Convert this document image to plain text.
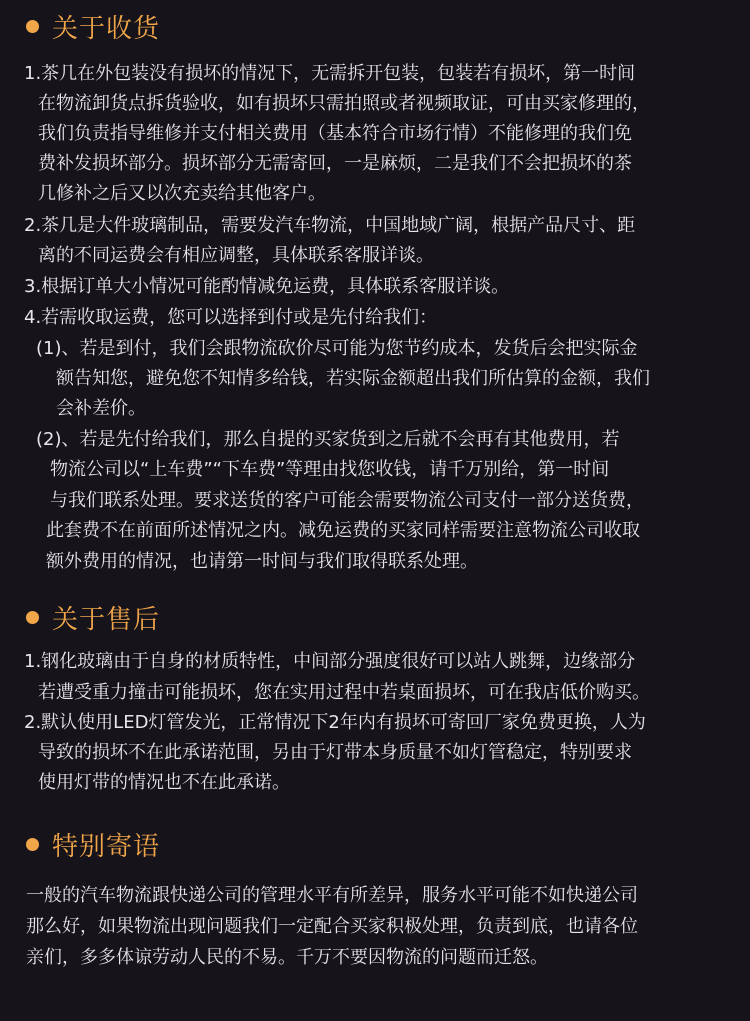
关于收货
1.茶几在外包装没有损坏的情况下，无需拆开包装，包装若有损坏，第一时间
在物流卸货点拆货验收，如有损坏只需拍照或者视频取证，可由买家修理的，
我们负责指导维修并支付相关费用（基本符合市场行情）不能修理的我们免
费补发损坏部分。损坏部分无需寄回，一是麻烦，二是我们不会把损坏的茶
几修补之后又以次充卖给其他客户。
2.茶几是大件玻璃制品，需要发汽车物流，中国地域广阔，根据产品尺寸、距
离的不同运费会有相应调整，具体联系客服详谈。
3.根据订单大小情况可能酌情减免运费，具体联系客服详谈。
4.若需收取运费，您可以选择到付或是先付给我们：
(1)、若是到付，我们会跟物流砍价尽可能为您节约成本，发货后会把实际金
额告知您，避免您不知情多给钱，若实际金额超出我们所估算的金额，我们
会补差价。
(2)、若是先付给我们，那么自提的买家货到之后就不会再有其他费用，若
物流公司以“上车费”“下车费”等理由找您收钱，请千万别给，第一时间
与我们联系处理。要求送货的客户可能会需要物流公司支付一部分送货费，
此套费不在前面所述情况之内。减免运费的买家同样需要注意物流公司收取
额外费用的情况，也请第一时间与我们取得联系处理。
关于售后
1.钢化玻璃由于自身的材质特性，中间部分强度很好可以站人跳舞，边缘部分
若遭受重力撞击可能损坏，您在实用过程中若桌面损坏，可在我店低价购买。
2.默认使用LED灯管发光，正常情况下2年内有损坏可寄回厂家免费更换，人为
导致的损坏不在此承诺范围，另由于灯带本身质量不如灯管稳定，特别要求
使用灯带的情况也不在此承诺。
特别寄语
一般的汽车物流跟快递公司的管理水平有所差异，服务水平可能不如快递公司
那么好，如果物流出现问题我们一定配合买家积极处理，负责到底，也请各位
亲们，多多体谅劳动人民的不易。千万不要因物流的问题而迁怒。
